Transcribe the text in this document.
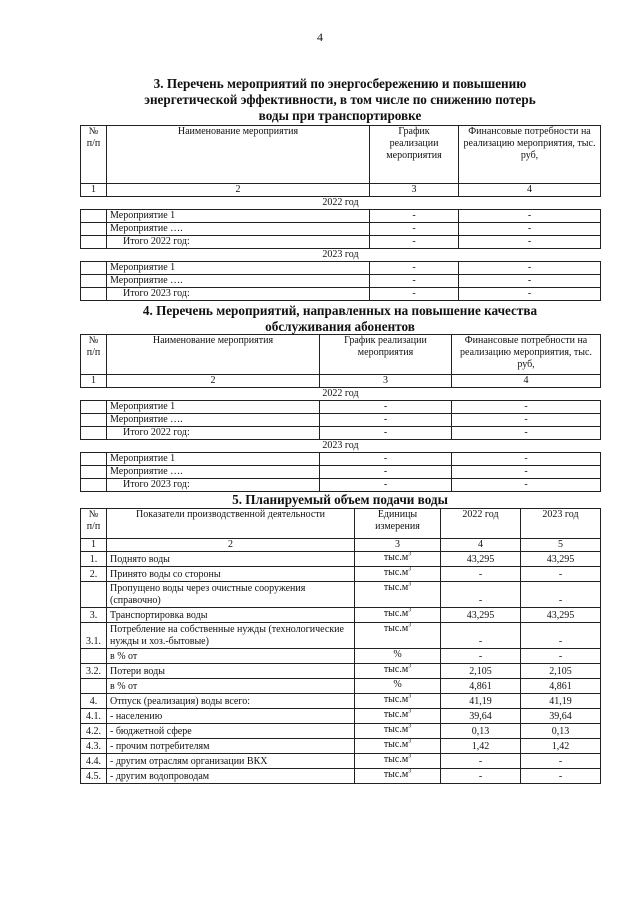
4
3. Перечень мероприятий по энергосбережению и повышению
энергетической эффективности, в том числе по снижению потерь
воды при транспортировке
№ п/п	Наименование мероприятия	График реализации мероприятия	Финансовые потребности на реализацию мероприятия, тыс. руб,
1	2	3	4
2022 год			
	Мероприятие 1	-	-
	Мероприятие ….	-	-
	Итого 2022 год:	-	-
2023 год			
	Мероприятие 1	-	-
	Мероприятие ….	-	-
	Итого 2023 год:	-	-
4. Перечень мероприятий, направленных на повышение качества
обслуживания абонентов
№ п/п	Наименование мероприятия	График реализации мероприятия	Финансовые потребности на реализацию мероприятия, тыс. руб,
1	2	3	4
2022 год			
	Мероприятие 1	-	-
	Мероприятие ….	-	-
	Итого 2022 год:	-	-
2023 год			
	Мероприятие 1	-	-
	Мероприятие ….	-	-
	Итого 2023 год:	-	-
5. Планируемый объем подачи воды
№ п/п	Показатели производственной деятельности	Единицы измерения	2022 год	2023 год
1	2	3	4	5
1.	Поднято воды	$тыс.м^3$	43,295	43,295
2.	Принято воды со стороны	$тыс.м^3$	-	-
	Пропущено воды через очистные сооружения (справочно)	$тыс.м^3$	-	-
3.	Транспортировка воды	$тыс.м^3$	43,295	43,295
3.1.	Потребление на собственные нужды (технологические нужды и хоз.-бытовые)	$тыс.м^3$	-	-
	в % от	%	-	-
3.2.	Потери воды	$тыс.м^3$	2,105	2,105
	в % от	%	4,861	4,861
4.	Отпуск (реализация) воды всего:	$тыс.м^3$	41,19	41,19
4.1.	- населению	$тыс.м^3$	39,64	39,64
4.2.	- бюджетной сфере	$тыс.м^3$	0,13	0,13
4.3.	- прочим потребителям	$тыс.м^3$	1,42	1,42
4.4.	- другим отраслям организации ВКХ	$тыс.м^3$	-	-
4.5.	- другим водопроводам	$тыс.м^3$	-	-
